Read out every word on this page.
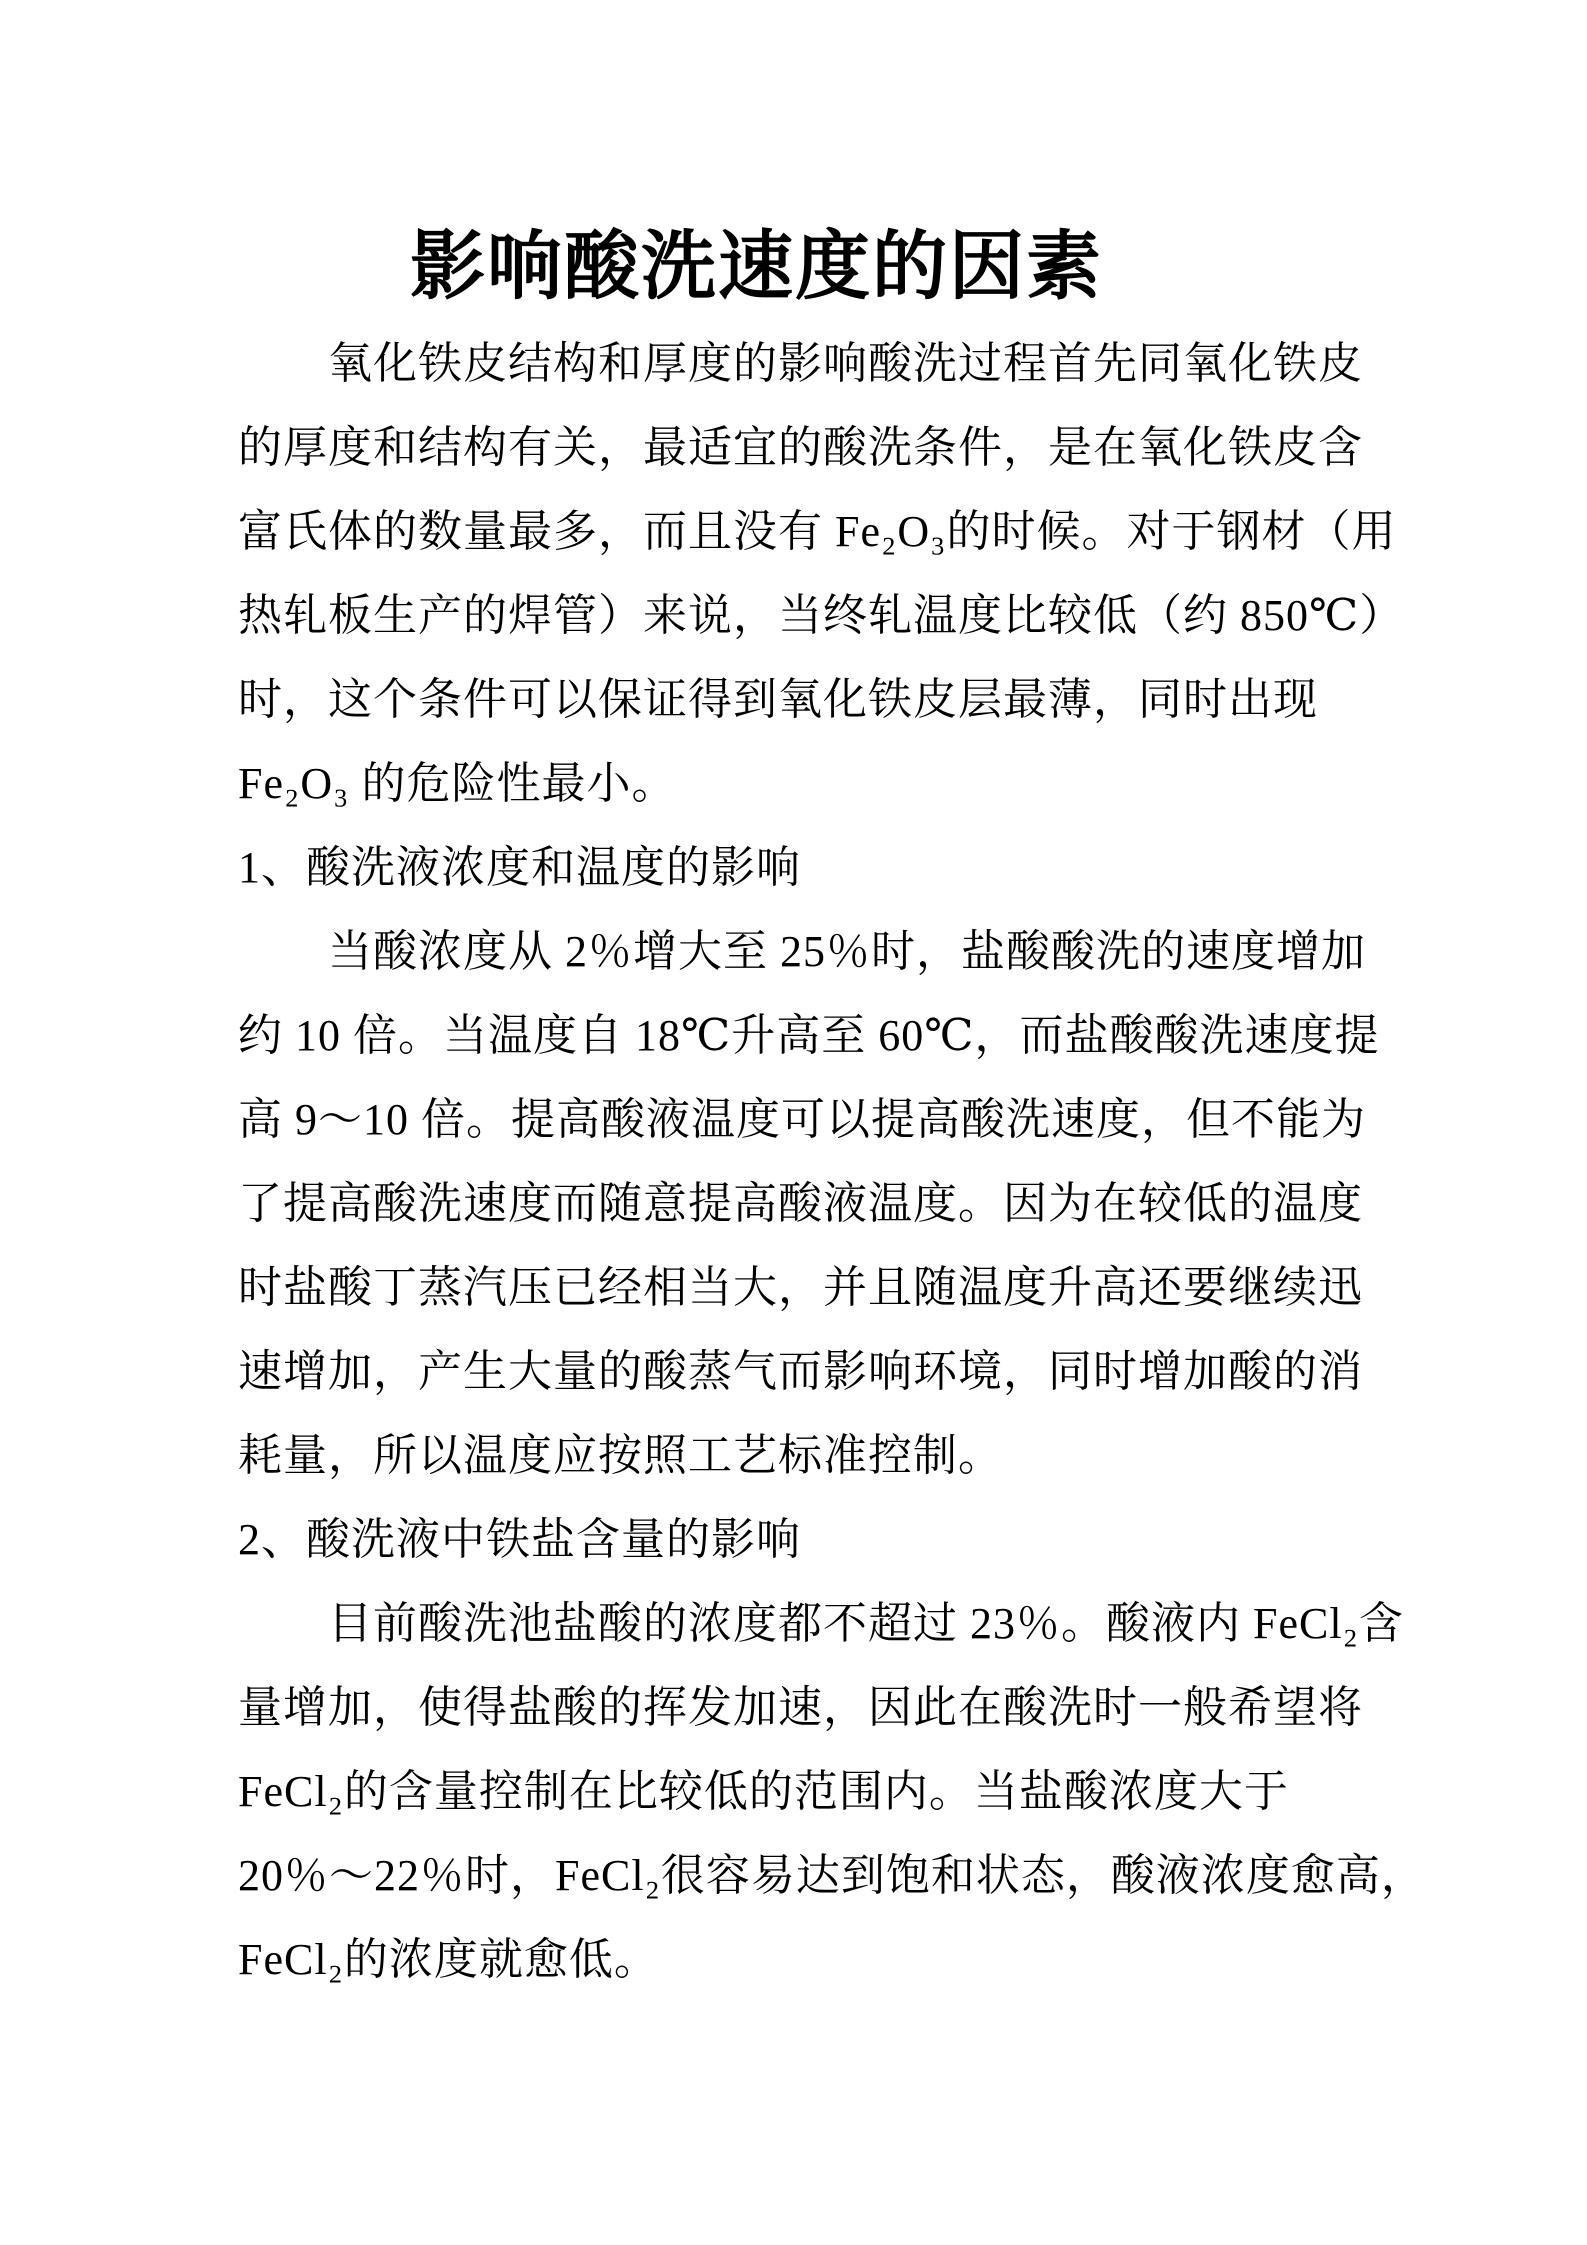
影响酸洗速度的因素
氧化铁皮结构和厚度的影响酸洗过程首先同氧化铁皮
的厚度和结构有关，最适宜的酸洗条件，是在氧化铁皮含
富氏体的数量最多，而且没有 Fe₂O₃的时候。对于钢材（用
热轧板生产的焊管）来说，当终轧温度比较低（约 850℃）
时，这个条件可以保证得到氧化铁皮层最薄，同时出现
Fe₂O₃ 的危险性最小。
1、酸洗液浓度和温度的影响
当酸浓度从 2％增大至 25％时，盐酸酸洗的速度增加
约 10 倍。当温度自 18℃升高至 60℃，而盐酸酸洗速度提
高 9～10 倍。提高酸液温度可以提高酸洗速度，但不能为
了提高酸洗速度而随意提高酸液温度。因为在较低的温度
时盐酸丁蒸汽压已经相当大，并且随温度升高还要继续迅
速增加，产生大量的酸蒸气而影响环境，同时增加酸的消
耗量，所以温度应按照工艺标准控制。
2、酸洗液中铁盐含量的影响
目前酸洗池盐酸的浓度都不超过 23％。酸液内 FeCl₂含
量增加，使得盐酸的挥发加速，因此在酸洗时一般希望将
FeCl₂的含量控制在比较低的范围内。当盐酸浓度大于
20％～22％时，FeCl₂很容易达到饱和状态，酸液浓度愈高，
FeCl₂的浓度就愈低。
